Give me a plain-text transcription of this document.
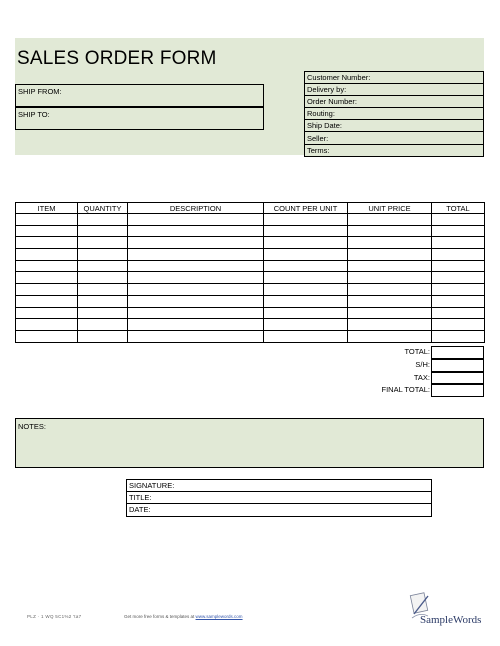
SALES ORDER FORM
SHIP FROM:
SHIP TO:
Customer Number:
Delivery by:
Order Number:
Routing:
Ship Date:
Seller:
Terms:
ITEM	QUANTITY	DESCRIPTION	COUNT PER UNIT	UNIT PRICE	TOTAL

TOTAL:
S/H:
TAX:
FINAL TOTAL:
NOTES:
SIGNATURE:
TITLE:
DATE:
PLZ · 1 WQ 5C1%2 'ta7	Get more free forms & templates at www.samplewords.com	SampleWords
